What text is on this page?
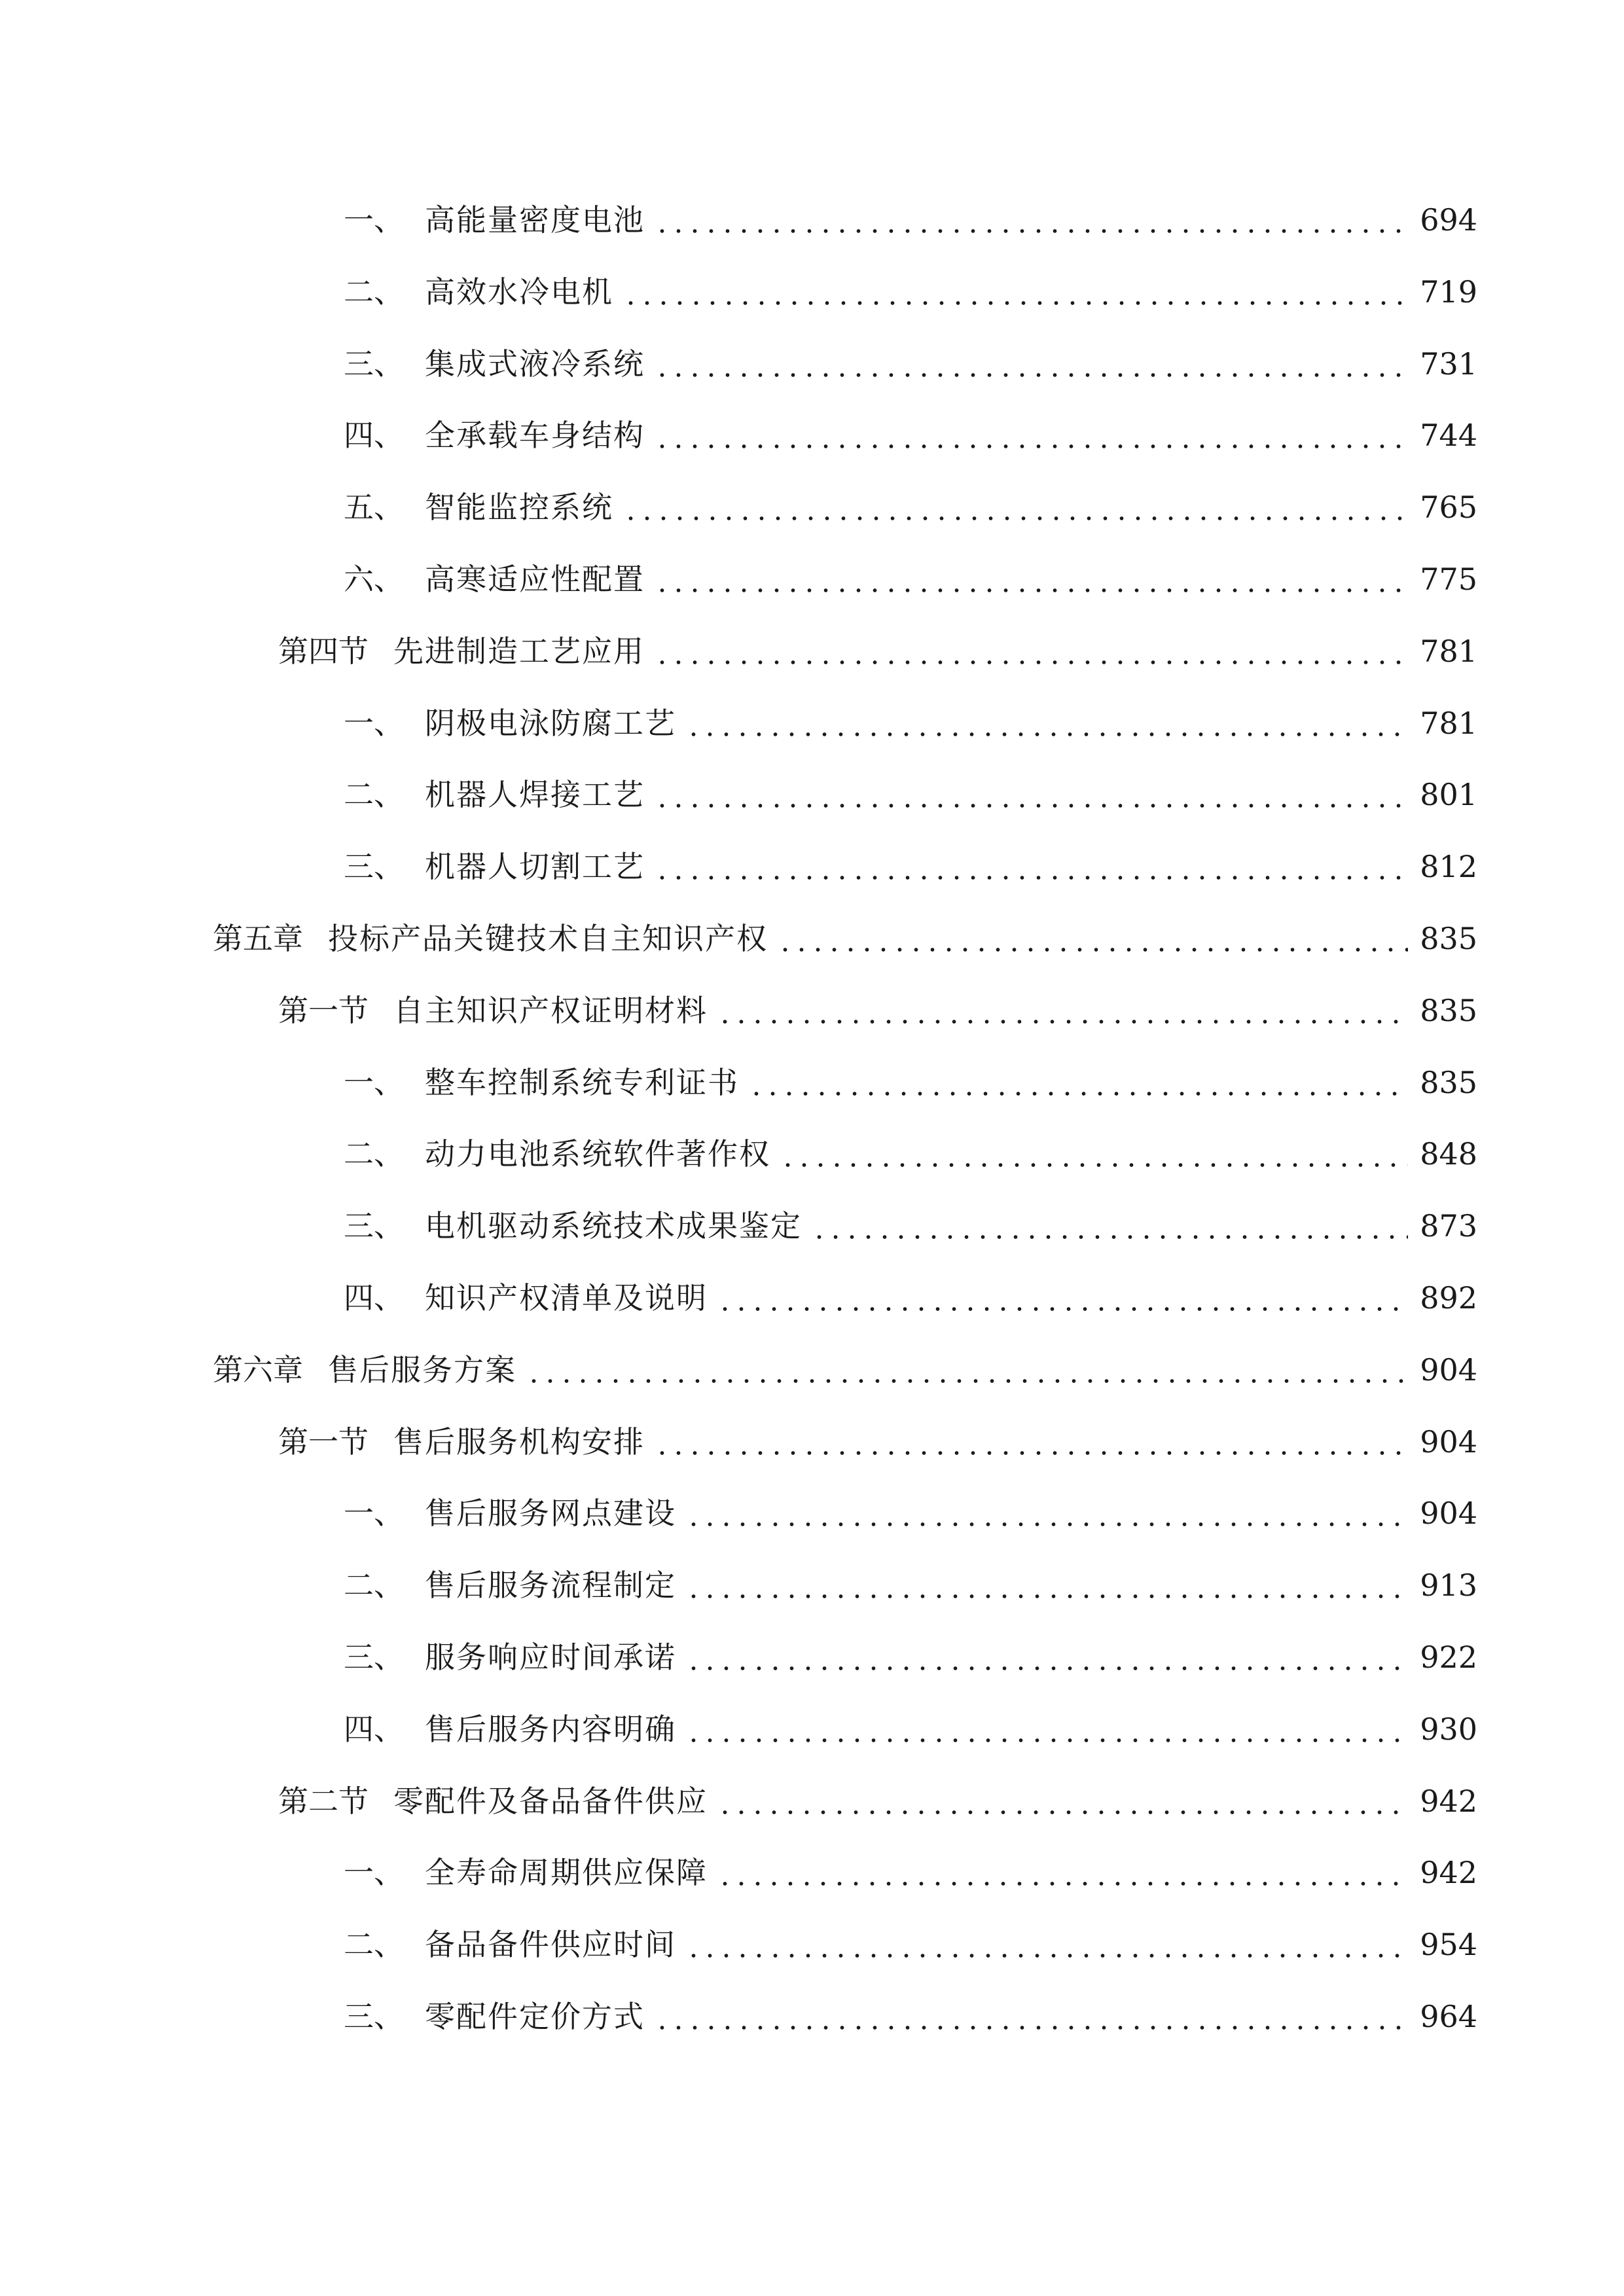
一、 高能量密度电池	694
二、 高效水冷电机	719
三、 集成式液冷系统	731
四、 全承载车身结构	744
五、 智能监控系统	765
六、 高寒适应性配置	775
第四节 先进制造工艺应用	781
一、 阴极电泳防腐工艺	781
二、 机器人焊接工艺	801
三、 机器人切割工艺	812
第五章 投标产品关键技术自主知识产权	835
第一节 自主知识产权证明材料	835
一、 整车控制系统专利证书	835
二、 动力电池系统软件著作权	848
三、 电机驱动系统技术成果鉴定	873
四、 知识产权清单及说明	892
第六章 售后服务方案	904
第一节 售后服务机构安排	904
一、 售后服务网点建设	904
二、 售后服务流程制定	913
三、 服务响应时间承诺	922
四、 售后服务内容明确	930
第二节 零配件及备品备件供应	942
一、 全寿命周期供应保障	942
二、 备品备件供应时间	954
三、 零配件定价方式	964
